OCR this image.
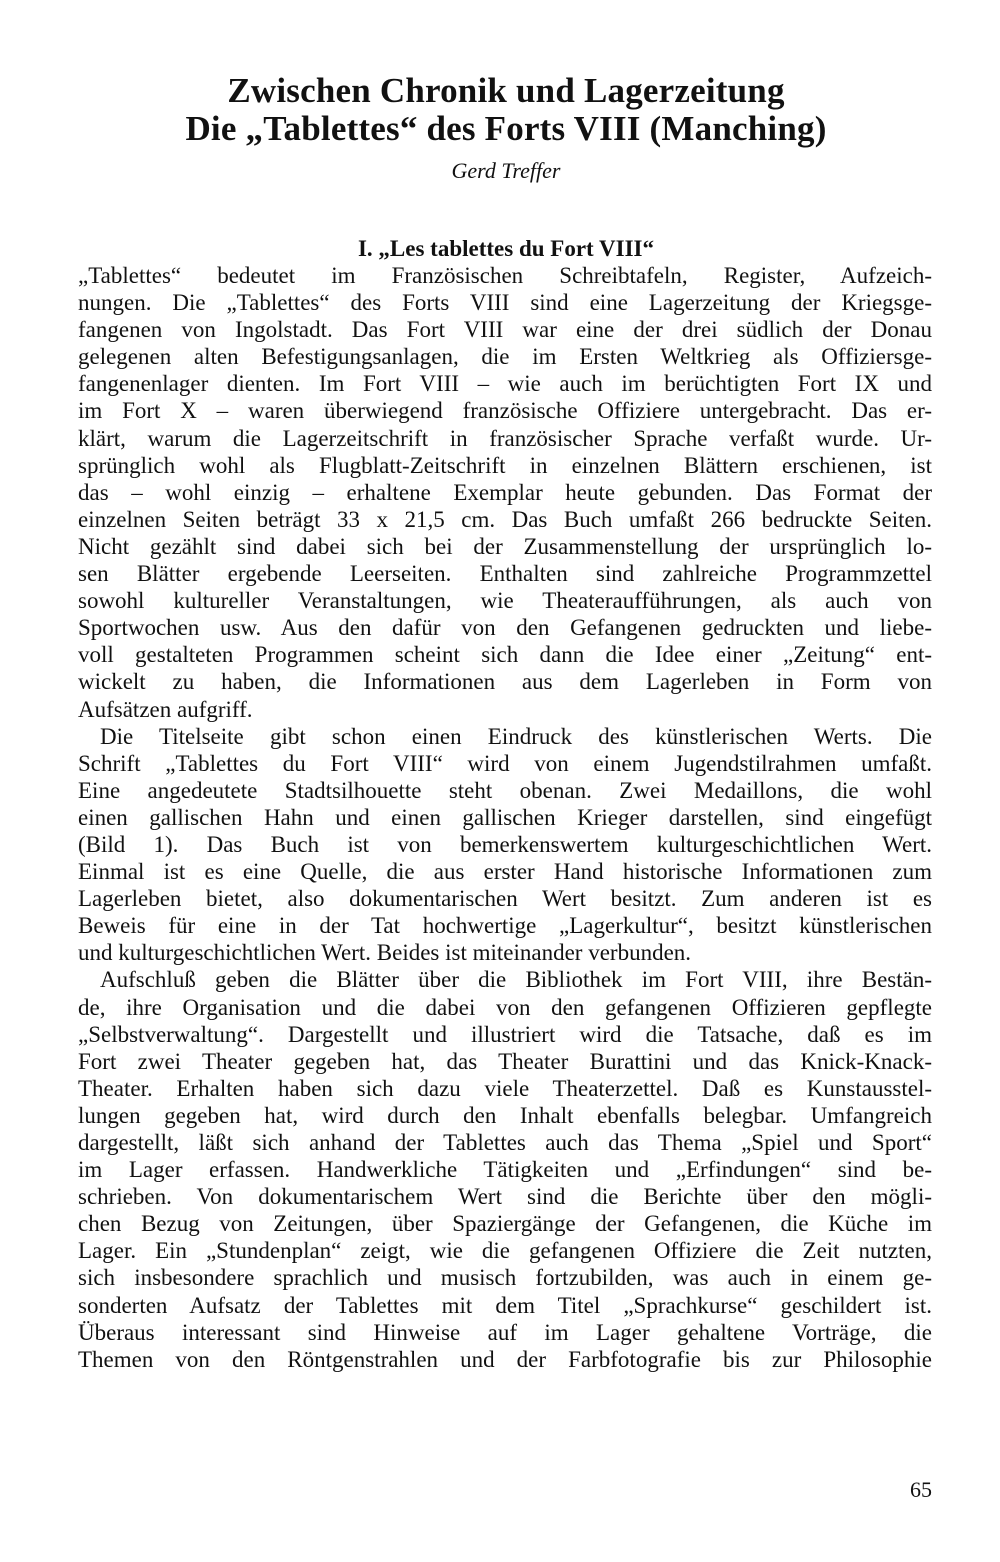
Zwischen Chronik und Lagerzeitung
Die „Tablettes“ des Forts VIII (Manching)
Gerd Treffer
I. „Les tablettes du Fort VIII“
„Tablettes“ bedeutet im Französischen Schreibtafeln, Register, Aufzeich-
nungen. Die „Tablettes“ des Forts VIII sind eine Lagerzeitung der Kriegsge-
fangenen von Ingolstadt. Das Fort VIII war eine der drei südlich der Donau
gelegenen alten Befestigungsanlagen, die im Ersten Weltkrieg als Offiziersge-
fangenenlager dienten. Im Fort VIII – wie auch im berüchtigten Fort IX und
im Fort X – waren überwiegend französische Offiziere untergebracht. Das er-
klärt, warum die Lagerzeitschrift in französischer Sprache verfaßt wurde. Ur-
sprünglich wohl als Flugblatt-Zeitschrift in einzelnen Blättern erschienen, ist
das – wohl einzig – erhaltene Exemplar heute gebunden. Das Format der
einzelnen Seiten beträgt 33 x 21,5 cm. Das Buch umfaßt 266 bedruckte Seiten.
Nicht gezählt sind dabei sich bei der Zusammenstellung der ursprünglich lo-
sen Blätter ergebende Leerseiten. Enthalten sind zahlreiche Programmzettel
sowohl kultureller Veranstaltungen, wie Theateraufführungen, als auch von
Sportwochen usw. Aus den dafür von den Gefangenen gedruckten und liebe-
voll gestalteten Programmen scheint sich dann die Idee einer „Zeitung“ ent-
wickelt zu haben, die Informationen aus dem Lagerleben in Form von
Aufsätzen aufgriff.
Die Titelseite gibt schon einen Eindruck des künstlerischen Werts. Die
Schrift „Tablettes du Fort VIII“ wird von einem Jugendstilrahmen umfaßt.
Eine angedeutete Stadtsilhouette steht obenan. Zwei Medaillons, die wohl
einen gallischen Hahn und einen gallischen Krieger darstellen, sind eingefügt
(Bild 1). Das Buch ist von bemerkenswertem kulturgeschichtlichen Wert.
Einmal ist es eine Quelle, die aus erster Hand historische Informationen zum
Lagerleben bietet, also dokumentarischen Wert besitzt. Zum anderen ist es
Beweis für eine in der Tat hochwertige „Lagerkultur“, besitzt künstlerischen
und kulturgeschichtlichen Wert. Beides ist miteinander verbunden.
Aufschluß geben die Blätter über die Bibliothek im Fort VIII, ihre Bestän-
de, ihre Organisation und die dabei von den gefangenen Offizieren gepflegte
„Selbstverwaltung“. Dargestellt und illustriert wird die Tatsache, daß es im
Fort zwei Theater gegeben hat, das Theater Burattini und das Knick-Knack-
Theater. Erhalten haben sich dazu viele Theaterzettel. Daß es Kunstausstel-
lungen gegeben hat, wird durch den Inhalt ebenfalls belegbar. Umfangreich
dargestellt, läßt sich anhand der Tablettes auch das Thema „Spiel und Sport“
im Lager erfassen. Handwerkliche Tätigkeiten und „Erfindungen“ sind be-
schrieben. Von dokumentarischem Wert sind die Berichte über den mögli-
chen Bezug von Zeitungen, über Spaziergänge der Gefangenen, die Küche im
Lager. Ein „Stundenplan“ zeigt, wie die gefangenen Offiziere die Zeit nutzten,
sich insbesondere sprachlich und musisch fortzubilden, was auch in einem ge-
sonderten Aufsatz der Tablettes mit dem Titel „Sprachkurse“ geschildert ist.
Überaus interessant sind Hinweise auf im Lager gehaltene Vorträge, die
Themen von den Röntgenstrahlen und der Farbfotografie bis zur Philosophie
65
